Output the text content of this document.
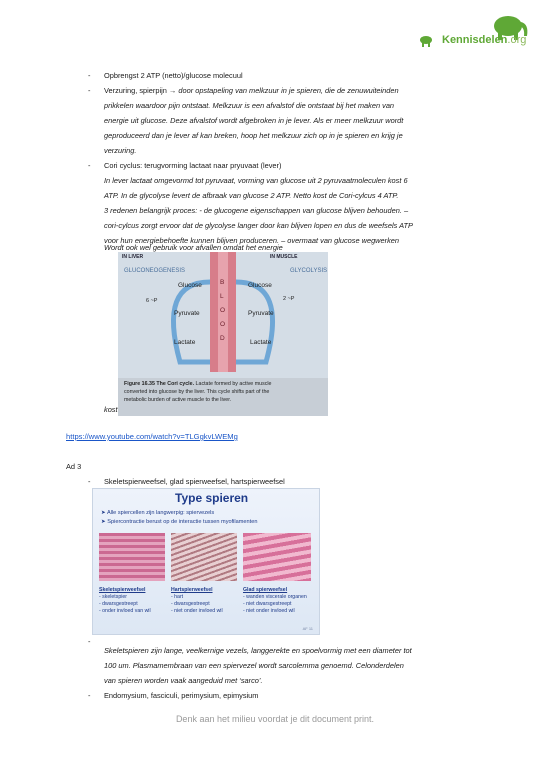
Kennisdelen.org
- Opbrengst 2 ATP (netto)/glucose molecuul
- Verzuring, spierpijn → door opstapeling van melkzuur in je spieren, die de zenuwuiteinden
prikkelen waardoor pijn ontstaat. Melkzuur is een afvalstof die ontstaat bij het maken van
energie uit glucose. Deze afvalstof wordt afgebroken in je lever. Als er meer melkzuur wordt
geproduceerd dan je lever af kan breken, hoop het melkzuur zich op in je spieren en krijg je
verzuring.
- Cori cyclus: terugvorming lactaat naar pryuvaat (lever)
In lever lactaat omgevormd tot pyruvaat, vorming van glucose uit 2 pyruvaatmoleculen kost 6
ATP. In de glycolyse levert de afbraak van glucose 2 ATP. Netto kost de Cori-cylcus 4 ATP.
3 redenen belangrijk proces: - de glucogene eigenschappen van glucose blijven behouden. –
cori-cylcus zorgt ervoor dat de glycolyse langer door kan blijven lopen en dus de weefsels ATP
voor hun energiebehoefte kunnen blijven produceren. – overmaat van glucose wegwerken
Wordt ook wel gebruik voor afvallen omdat het energie
IN LIVER	IN MUSCLE
GLUCONEOGENESIS	GLYCOLYSIS
Glucose	Glucose
6 ~P	2 ~P
Pyruvate	Pyruvate
Lactate	Lactate
B
L
O
O
D
Figure 16.35 The Cori cycle. Lactate formed by active muscle
converted into glucose by the liver. This cycle shifts part of the
metabolic burden of active muscle to the liver.
kost
https://www.youtube.com/watch?v=TLGgkvLWEMg
Ad 3
- Skeletspierweefsel, glad spierweefsel, hartspierweefsel
Type spieren
➤ Alle spiercellen zijn langwerpig: spiervezels
➤ Spiercontractie berust op de interactie tussen myofilamenten
Skeletspierweefsel
- skeletspier
- dwarsgestreept
- onder invloed van wil
Hartspierweefsel
- hart
- dwarsgestreept
- niet onder invloed wil
Glad spierweefsel
- wanden viscerale organen
- niet dwarsgestreept
- niet onder invloed wil
AF 11
-
Skeletspieren zijn lange, veelkernige vezels, langgerekte en spoelvormig met een diameter tot
100 um. Plasmamembraan van een spiervezel wordt sarcolemma genoemd. Celonderdelen
van spieren worden vaak aangeduid met ‘sarco’.
- Endomysium, fasciculi, perimysium, epimysium
Denk aan het milieu voordat je dit document print.
